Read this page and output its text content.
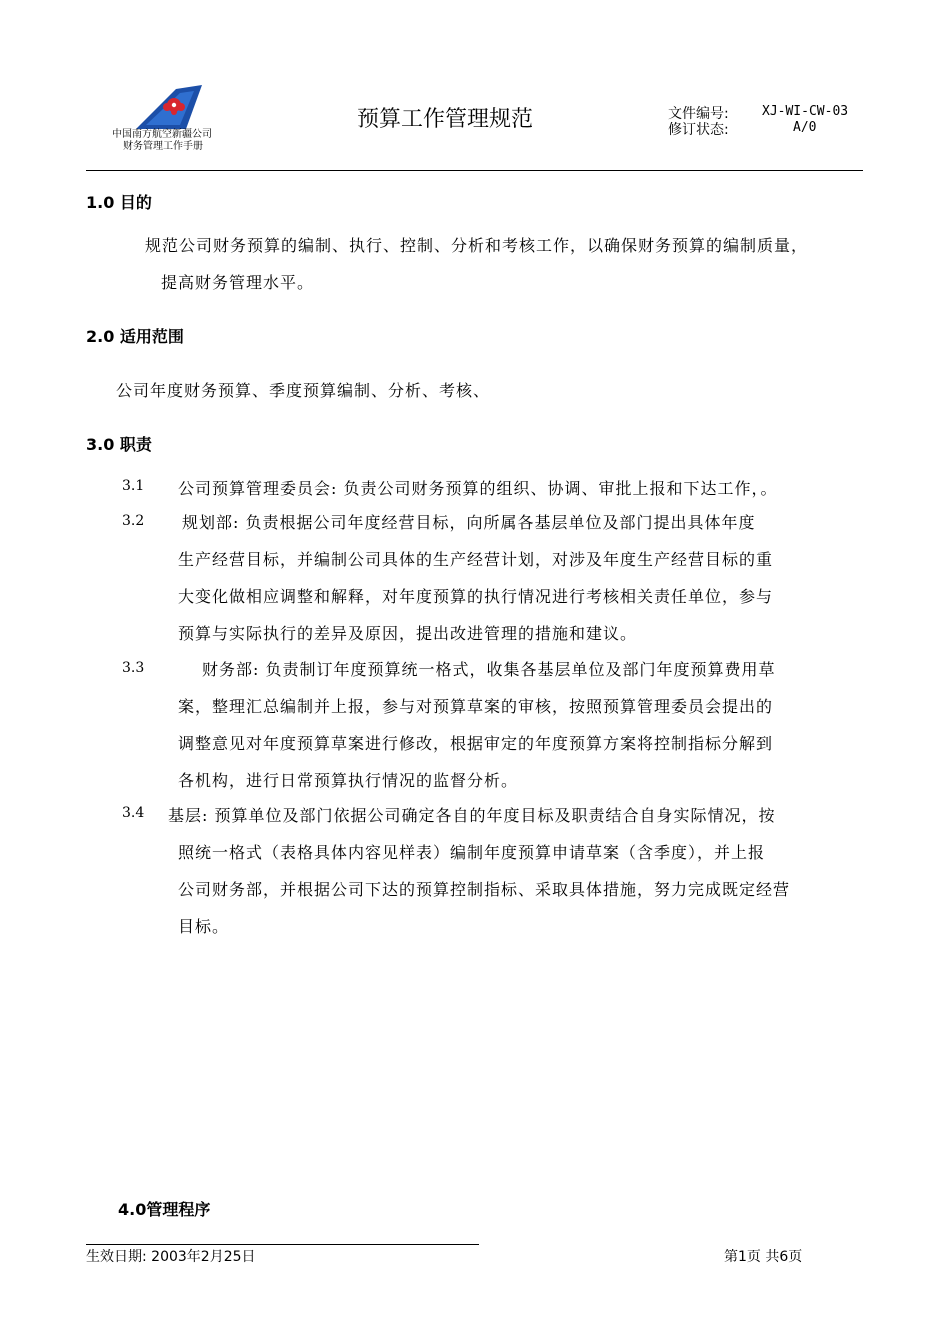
中国南方航空新疆公司
财务管理工作手册
预算工作管理规范	文件编号:	XJ-WI-CW-03
修订状态:	A/0
1.0 目的
规范公司财务预算的编制、执行、控制、分析和考核工作，以确保财务预算的编制质量，
提高财务管理水平。
2.0 适用范围
公司年度财务预算、季度预算编制、分析、考核、
3.0 职责
3.1 公司预算管理委员会: 负责公司财务预算的组织、协调、审批上报和下达工作，。
3.2 规划部: 负责根据公司年度经营目标，向所属各基层单位及部门提出具体年度
生产经营目标，并编制公司具体的生产经营计划，对涉及年度生产经营目标的重
大变化做相应调整和解释，对年度预算的执行情况进行考核相关责任单位，参与
预算与实际执行的差异及原因，提出改进管理的措施和建议。
3.3	财务部: 负责制订年度预算统一格式，收集各基层单位及部门年度预算费用草
案，整理汇总编制并上报，参与对预算草案的审核，按照预算管理委员会提出的
调整意见对年度预算草案进行修改，根据审定的年度预算方案将控制指标分解到
各机构，进行日常预算执行情况的监督分析。
3.4 基层: 预算单位及部门依据公司确定各自的年度目标及职责结合自身实际情况，按
照统一格式（表格具体内容见样表）编制年度预算申请草案（含季度），并上报
公司财务部，并根据公司下达的预算控制指标、采取具体措施，努力完成既定经营
目标。
4.0管理程序
生效日期: 2003年2月25日	第1页 共6页
